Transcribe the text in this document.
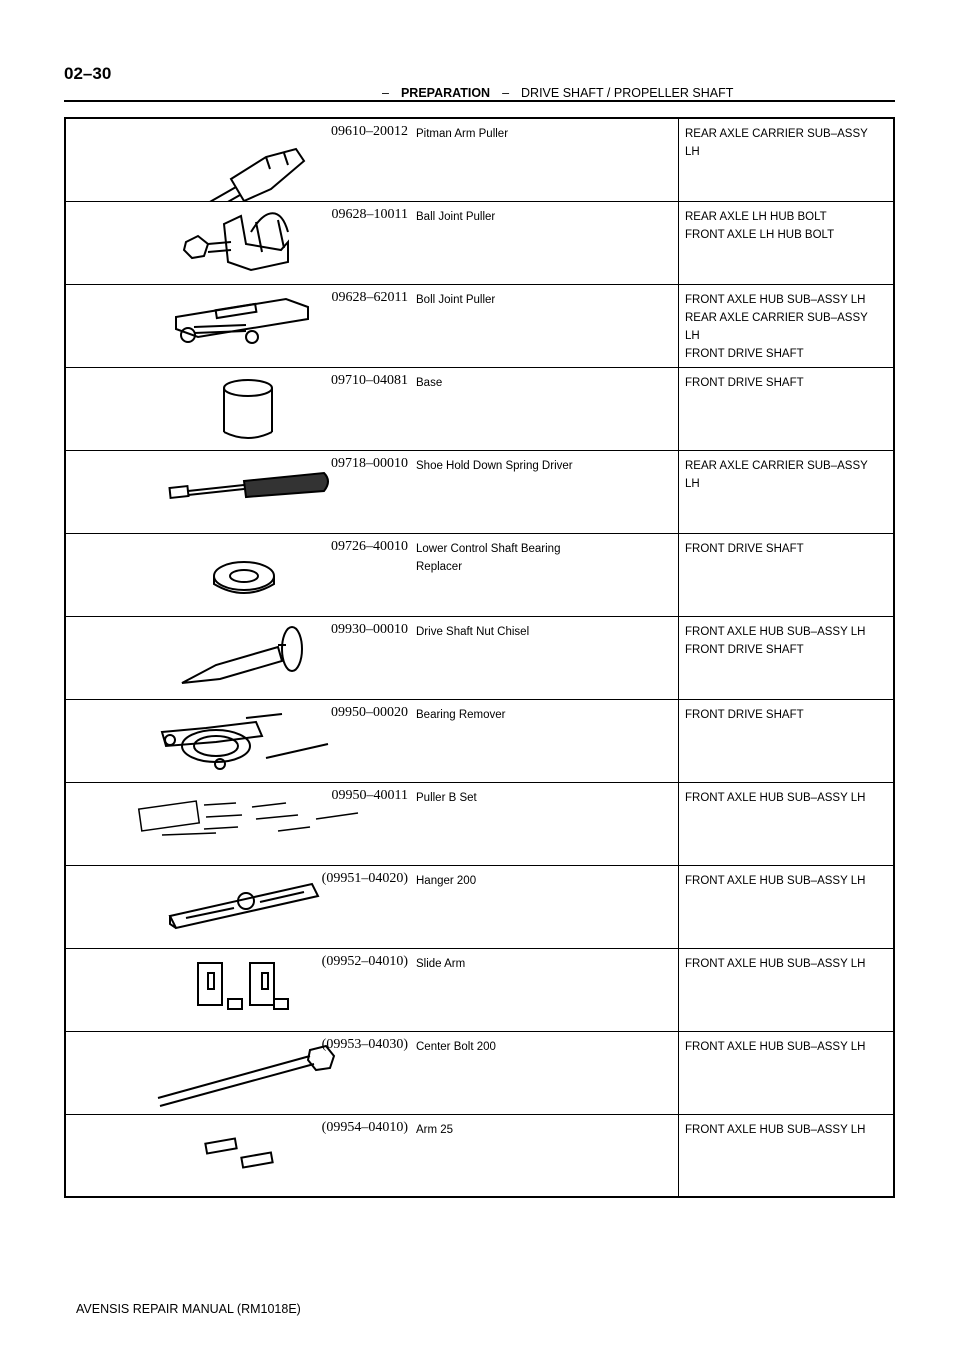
02–30
– PREPARATION – DRIVE SHAFT / PROPELLER SHAFT
09610–20012	Pitman Arm Puller	REAR AXLE CARRIER SUB–ASSY
LH

09628–10011	Ball Joint Puller	REAR AXLE LH HUB BOLT
FRONT AXLE LH HUB BOLT

09628–62011	Boll Joint Puller	FRONT AXLE HUB SUB–ASSY LH
REAR AXLE CARRIER SUB–ASSY
LH
FRONT DRIVE SHAFT

09710–04081	Base	FRONT DRIVE SHAFT

09718–00010	Shoe Hold Down Spring Driver	REAR AXLE CARRIER SUB–ASSY
LH

09726–40010	Lower Control Shaft Bearing
Replacer	FRONT DRIVE SHAFT

09930–00010	Drive Shaft Nut Chisel	FRONT AXLE HUB SUB–ASSY LH
FRONT DRIVE SHAFT

09950–00020	Bearing Remover	FRONT DRIVE SHAFT

09950–40011	Puller B Set	FRONT AXLE HUB SUB–ASSY LH

(09951–04020)	Hanger 200	FRONT AXLE HUB SUB–ASSY LH

(09952–04010)	Slide Arm	FRONT AXLE HUB SUB–ASSY LH

(09953–04030)	Center Bolt 200	FRONT AXLE HUB SUB–ASSY LH

(09954–04010)	Arm 25	FRONT AXLE HUB SUB–ASSY LH
AVENSIS REPAIR MANUAL (RM1018E)
